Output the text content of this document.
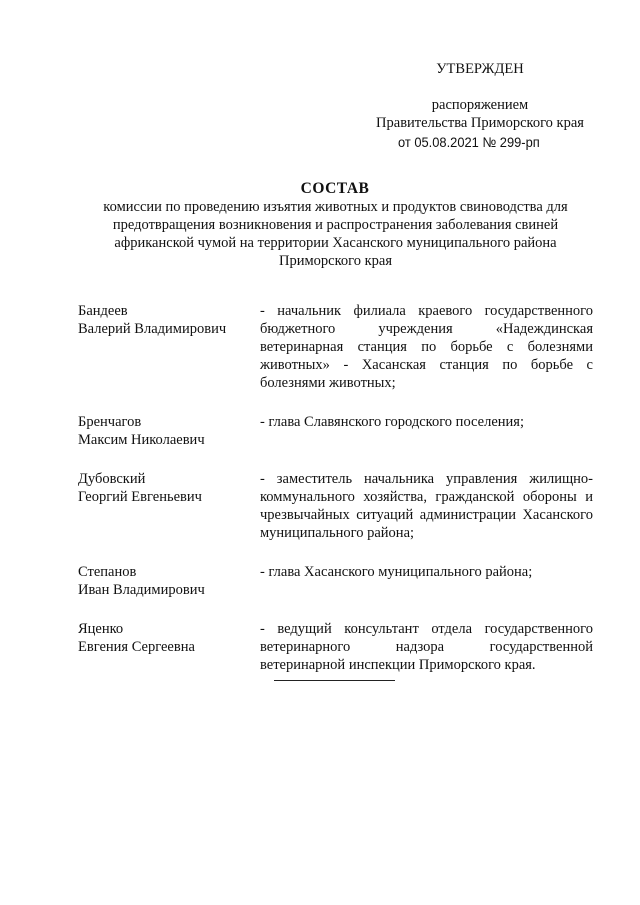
УТВЕРЖДЕН
распоряжением
Правительства Приморского края
от 05.08.2021 № 299-рп
СОСТАВ
комиссии по проведению изъятия животных и продуктов свиноводства для предотвращения возникновения и распространения заболевания свиней африканской чумой на территории Хасанского муниципального района Приморского края
Бандеев
Валерий Владимирович
- начальник филиала краевого государственного бюджетного учреждения «Надеждинская ветеринарная станция по борьбе с болезнями животных» - Хасанская станция по борьбе с болезнями животных;
Бренчагов
Максим Николаевич
- глава Славянского городского поселения;
Дубовский
Георгий Евгеньевич
- заместитель начальника управления жилищно-коммунального хозяйства, гражданской обороны и чрезвычайных ситуаций администрации Хасанского муниципального района;
Степанов
Иван Владимирович
- глава Хасанского муниципального района;
Яценко
Евгения Сергеевна
- ведущий консультант отдела государственного ветеринарного надзора государственной ветеринарной инспекции Приморского края.
